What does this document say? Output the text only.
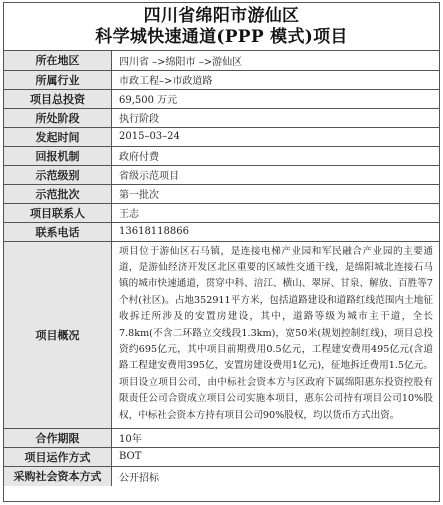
四川省绵阳市游仙区
科学城快速通道(PPP 模式)项目
所在地区	四川省 –>绵阳市 –>游仙区
所属行业	市政工程–>市政道路
项目总投资	69,500 万元
所处阶段	执行阶段
发起时间	2015–03–24
回报机制	政府付费
示范级别	省级示范项目
示范批次	第一批次
项目联系人	王志
联系电话	13618118866
项目概况	项目位于游仙区石马镇，是连接电梯产业园和军民融合产业园的主要通道，是游仙经济开发区北区重要的区域性交通干线，是绵阳城北连接石马镇的城市快速通道，贯穿中科、涪江、横山、翠屏、甘泉、解放、百胜等7个村(社区)。占地352911平方米，包括道路建设和道路红线范围内土地征收拆迁所涉及的安置房建设，其中，道路等级为城市主干道，全长7.8km(不含二环路立交线段1.3km)，宽50米(规划控制红线)，项目总投资约695亿元，其中项目前期费用0.5亿元，工程建安费用495亿元(含道路工程建安费用395亿，安置房建设费用1亿元)，征地拆迁费用1.5亿元。项目设立项目公司，由中标社会资本方与区政府下属绵阳惠东投资控股有限责任公司合资成立项目公司实施本项目，惠东公司持有项目公司10%股权，中标社会资本方持有项目公司90%股权，均以货币方式出资。
合作期限	10年
项目运作方式	BOT
采购社会资本方式	公开招标
